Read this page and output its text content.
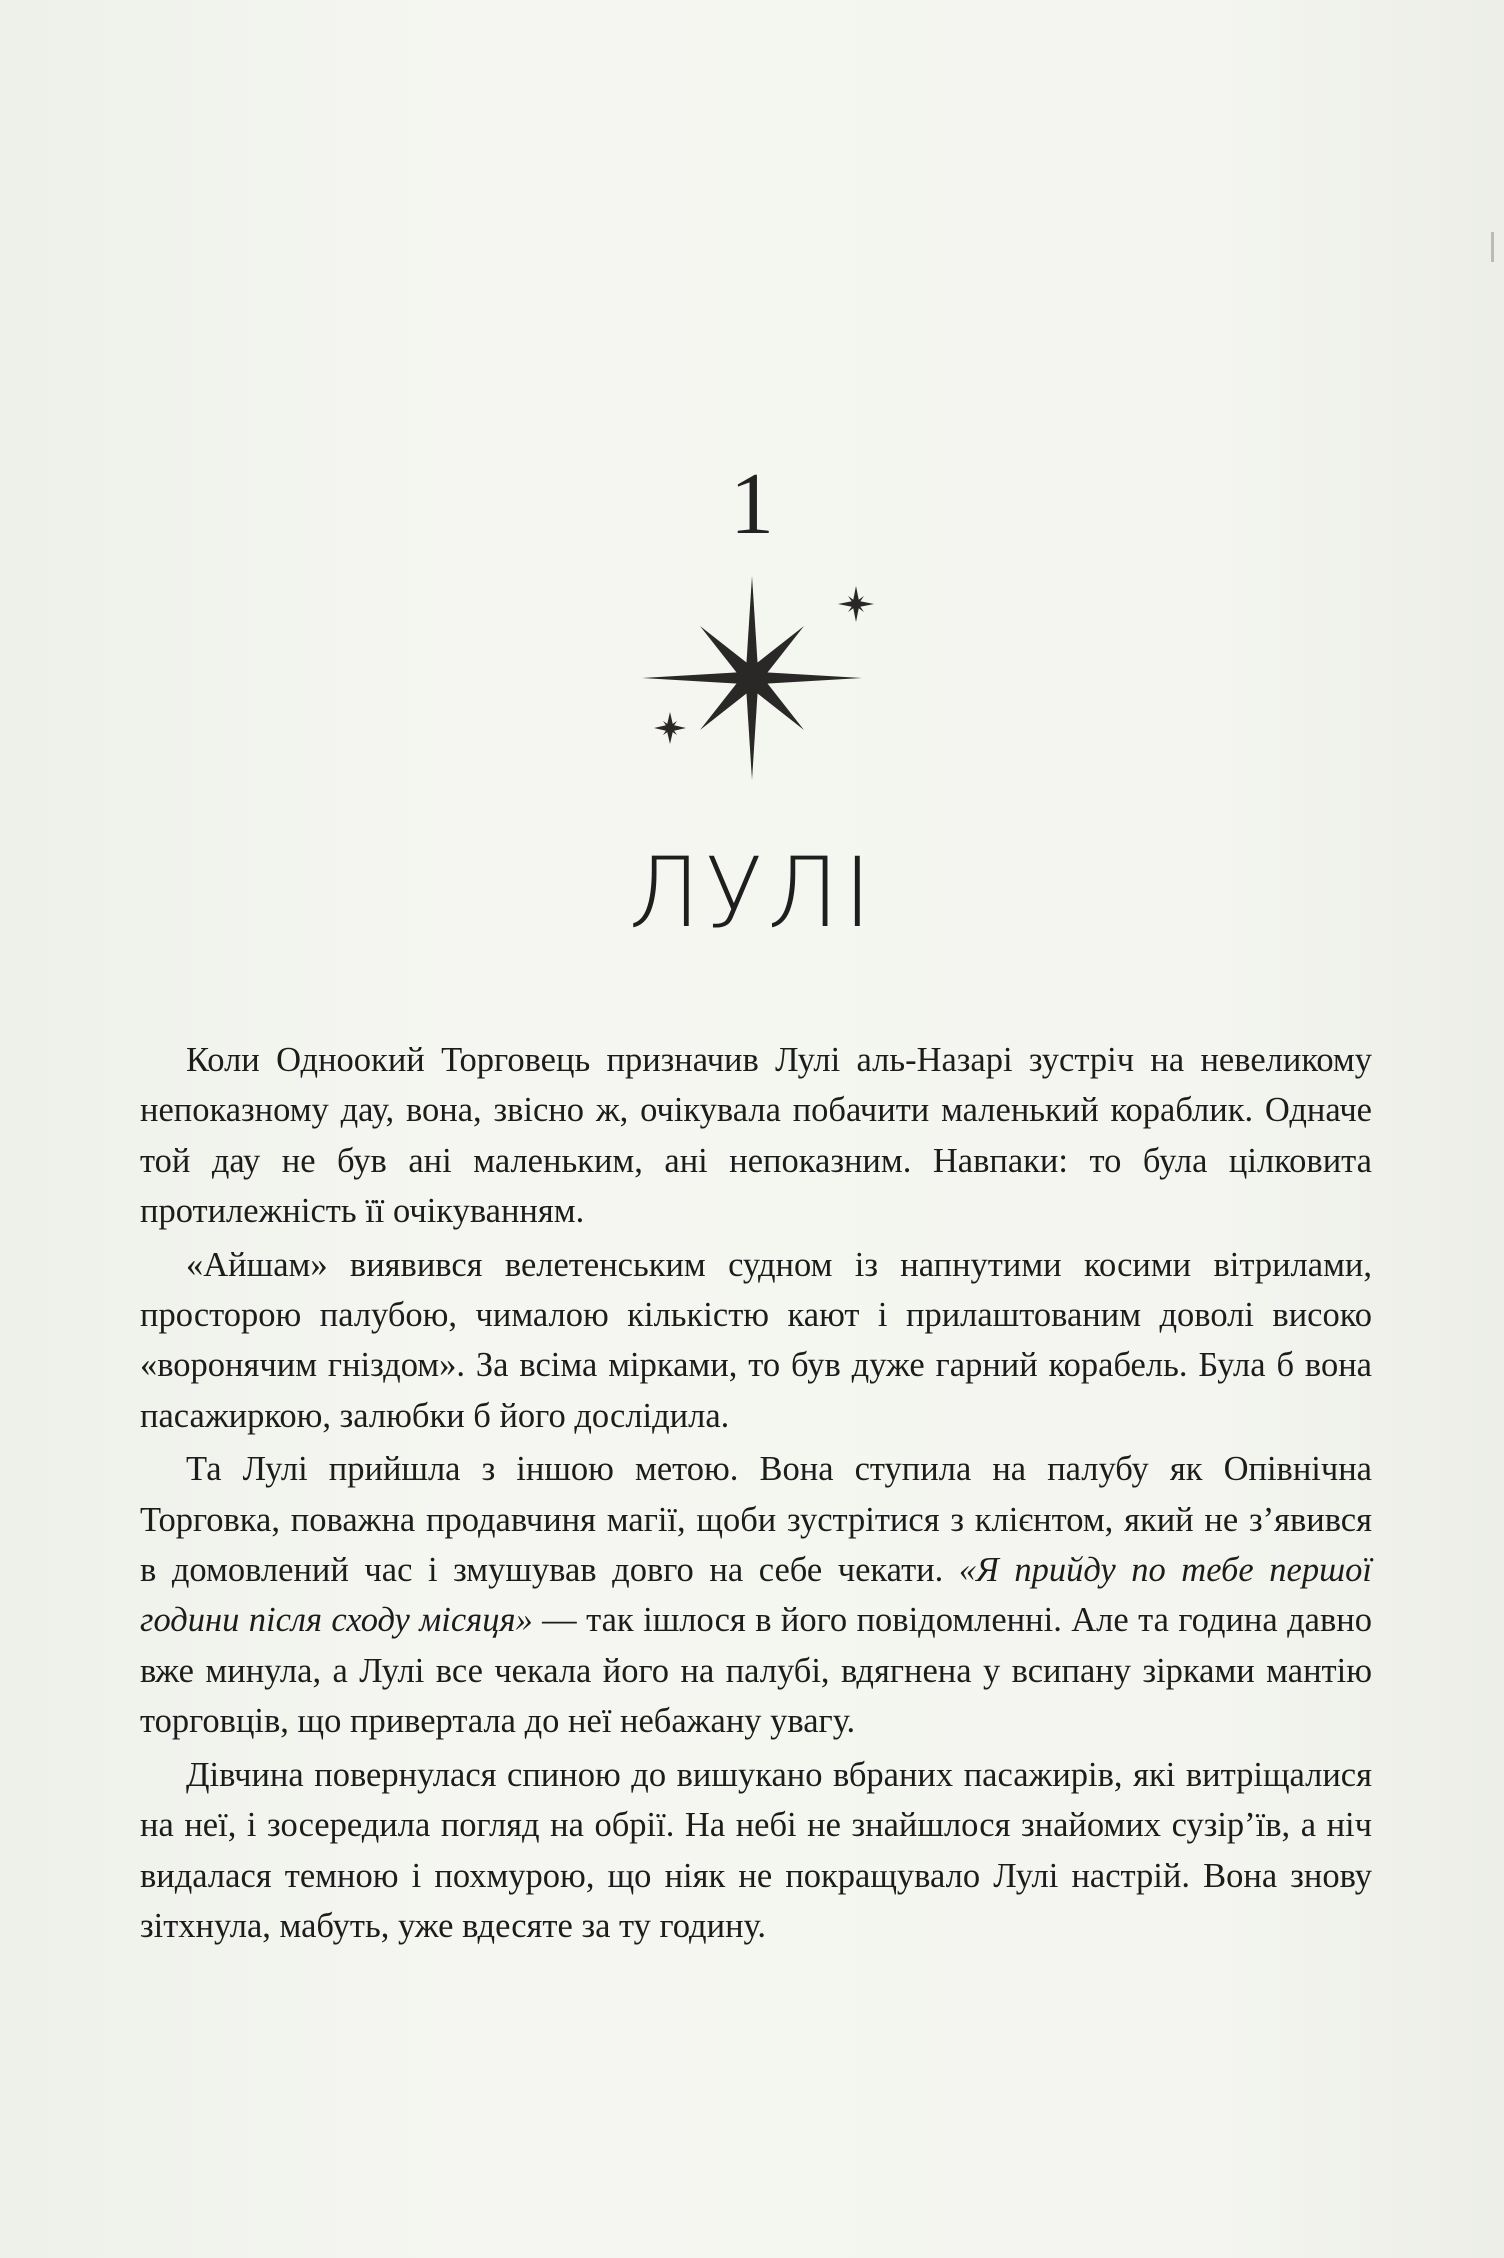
1
ЛУЛІ

Коли Одноокий Торговець призначив Лулі аль-Назарі зустріч на невеликому непоказному дау, вона, звісно ж, очікувала побачити маленький кораблик. Одначе той дау не був ані маленьким, ані непоказним. Навпаки: то була цілковита протилежність її очікуванням.

«Айшам» виявився велетенським судном із напнутими косими вітрилами, просторою палубою, чималою кількістю кают і прилаштованим доволі високо «воронячим гніздом». За всіма мірками, то був дуже гарний корабель. Була б вона пасажиркою, залюбки б його дослідила.

Та Лулі прийшла з іншою метою. Вона ступила на палубу як Опівнічна Торговка, поважна продавчиня магії, щоби зустрітися з клієнтом, який не з’явився в домовлений час і змушував довго на себе чекати. «Я прийду по тебе першої години після сходу місяця» — так ішлося в його повідомленні. Але та година давно вже минула, а Лулі все чекала його на палубі, вдягнена у всипану зірками мантію торговців, що привертала до неї небажану увагу.

Дівчина повернулася спиною до вишукано вбраних пасажирів, які витріщалися на неї, і зосередила погляд на обрії. На небі не знайшлося знайомих сузір’їв, а ніч видалася темною і похмурою, що ніяк не покращувало Лулі настрій. Вона знову зітхнула, мабуть, уже вдесяте за ту годину.
